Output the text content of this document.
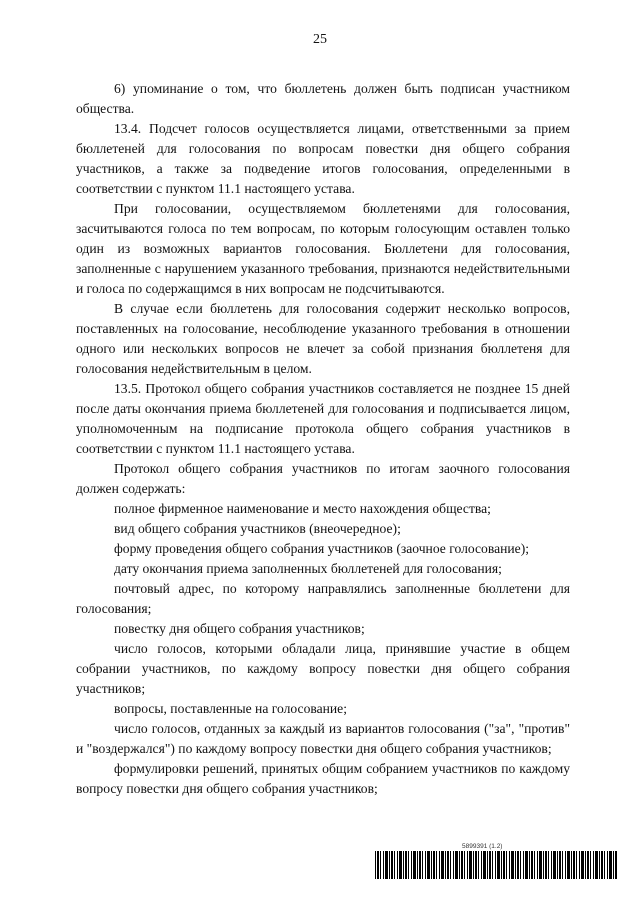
25

6) упоминание о том, что бюллетень должен быть подписан участником общества.

13.4. Подсчет голосов осуществляется лицами, ответственными за прием бюллетеней для голосования по вопросам повестки дня общего собрания участников, а также за подведение итогов голосования, определенными в соответствии с пунктом 11.1 настоящего устава.

При голосовании, осуществляемом бюллетенями для голосования, засчитываются голоса по тем вопросам, по которым голосующим оставлен только один из возможных вариантов голосования. Бюллетени для голосования, заполненные с нарушением указанного требования, признаются недействительными и голоса по содержащимся в них вопросам не подсчитываются.

В случае если бюллетень для голосования содержит несколько вопросов, поставленных на голосование, несоблюдение указанного требования в отношении одного или нескольких вопросов не влечет за собой признания бюллетеня для голосования недействительным в целом.

13.5. Протокол общего собрания участников составляется не позднее 15 дней после даты окончания приема бюллетеней для голосования и подписывается лицом, уполномоченным на подписание протокола общего собрания участников в соответствии с пунктом 11.1 настоящего устава.

Протокол общего собрания участников по итогам заочного голосования должен содержать:

полное фирменное наименование и место нахождения общества;

вид общего собрания участников (внеочередное);

форму проведения общего собрания участников (заочное голосование);

дату окончания приема заполненных бюллетеней для голосования;

почтовый адрес, по которому направлялись заполненные бюллетени для голосования;

повестку дня общего собрания участников;

число голосов, которыми обладали лица, принявшие участие в общем собрании участников, по каждому вопросу повестки дня общего собрания участников;

вопросы, поставленные на голосование;

число голосов, отданных за каждый из вариантов голосования ("за", "против" и "воздержался") по каждому вопросу повестки дня общего собрания участников;

формулировки решений, принятых общим собранием участников по каждому вопросу повестки дня общего собрания участников;

5899391 (1.2)
